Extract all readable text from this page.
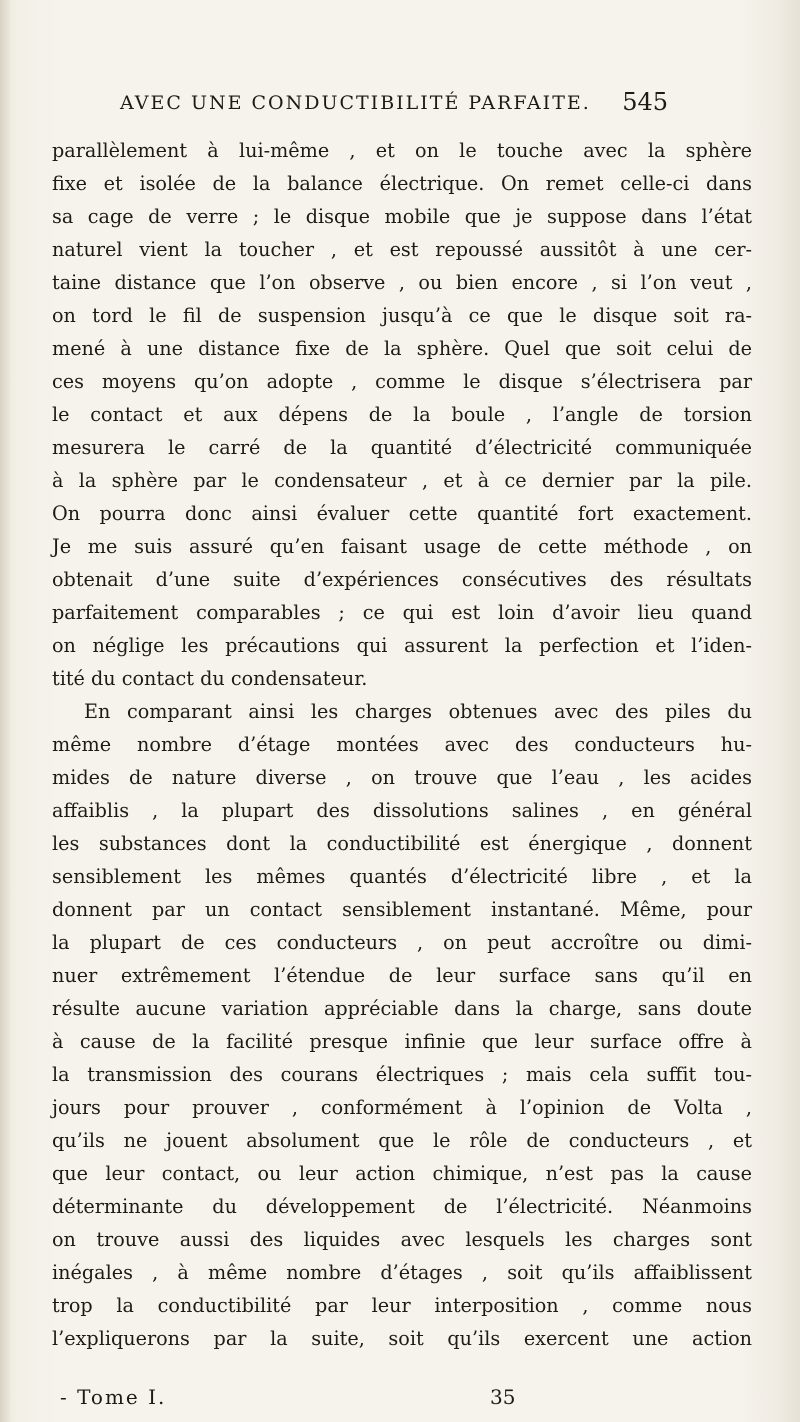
AVEC UNE CONDUCTIBILITÉ PARFAITE. 545
parallèlement à lui-même , et on le touche avec la sphère
fixe et isolée de la balance électrique. On remet celle-ci dans
sa cage de verre ; le disque mobile que je suppose dans l’état
naturel vient la toucher , et est repoussé aussitôt à une cer-
taine distance que l’on observe , ou bien encore , si l’on veut ,
on tord le fil de suspension jusqu’à ce que le disque soit ra-
mené à une distance fixe de la sphère. Quel que soit celui de
ces moyens qu’on adopte , comme le disque s’électrisera par
le contact et aux dépens de la boule , l’angle de torsion
mesurera le carré de la quantité d’électricité communiquée
à la sphère par le condensateur , et à ce dernier par la pile.
On pourra donc ainsi évaluer cette quantité fort exactement.
Je me suis assuré qu’en faisant usage de cette méthode , on
obtenait d’une suite d’expériences consécutives des résultats
parfaitement comparables ; ce qui est loin d’avoir lieu quand
on néglige les précautions qui assurent la perfection et l’iden-
tité du contact du condensateur.
En comparant ainsi les charges obtenues avec des piles du
même nombre d’étage montées avec des conducteurs hu-
mides de nature diverse , on trouve que l’eau , les acides
affaiblis , la plupart des dissolutions salines , en général
les substances dont la conductibilité est énergique , donnent
sensiblement les mêmes quantés d’électricité libre , et la
donnent par un contact sensiblement instantané. Même, pour
la plupart de ces conducteurs , on peut accroître ou dimi-
nuer extrêmement l’étendue de leur surface sans qu’il en
résulte aucune variation appréciable dans la charge, sans doute
à cause de la facilité presque infinie que leur surface offre à
la transmission des courans électriques ; mais cela suffit tou-
jours pour prouver , conformément à l’opinion de Volta ,
qu’ils ne jouent absolument que le rôle de conducteurs , et
que leur contact, ou leur action chimique, n’est pas la cause
déterminante du développement de l’électricité. Néanmoins
on trouve aussi des liquides avec lesquels les charges sont
inégales , à même nombre d’étages , soit qu’ils affaiblissent
trop la conductibilité par leur interposition , comme nous
l’expliquerons par la suite, soit qu’ils exercent une action
- Tome I.	35
